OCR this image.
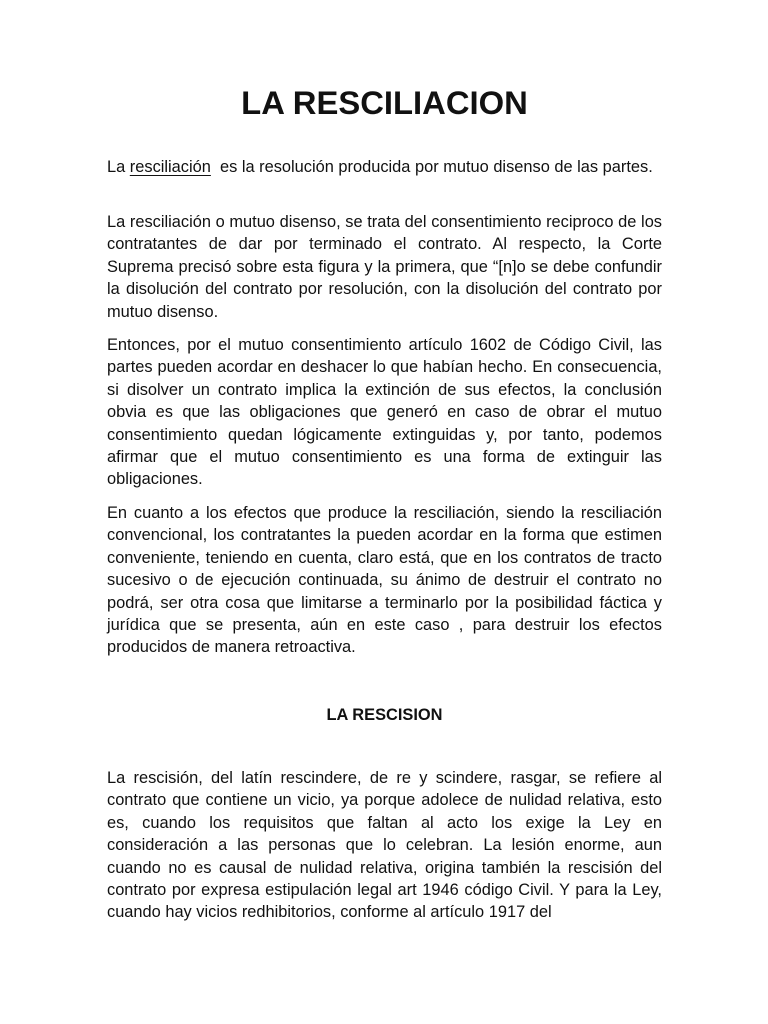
LA RESCILIACION

La resciliación  es la resolución producida por mutuo disenso de las partes.

La resciliación o mutuo disenso, se trata del consentimiento reciproco de los contratantes de dar por terminado el contrato. Al respecto, la Corte Suprema precisó sobre esta figura y la primera, que “[n]o se debe confundir la disolución del contrato por resolución, con la disolución del contrato por mutuo disenso.

Entonces, por el mutuo consentimiento artículo 1602 de Código Civil, las partes pueden acordar en deshacer lo que habían hecho. En consecuencia, si disolver un contrato implica la extinción de sus efectos, la conclusión obvia es que las obligaciones que generó en caso de obrar el mutuo consentimiento quedan lógicamente extinguidas y, por tanto, podemos afirmar que el mutuo consentimiento es una forma de extinguir las obligaciones.

En cuanto a los efectos que produce la resciliación, siendo la resciliación convencional, los contratantes la pueden acordar en la forma que estimen conveniente, teniendo en cuenta, claro está, que en los contratos de tracto sucesivo o de ejecución continuada, su ánimo de destruir el contrato no podrá, ser otra cosa que limitarse a terminarlo por la posibilidad fáctica y jurídica que se presenta, aún en este caso , para destruir los efectos producidos de manera retroactiva.

LA RESCISION

La rescisión, del latín rescindere, de re y scindere, rasgar, se refiere al contrato que contiene un vicio, ya porque adolece de nulidad relativa, esto es, cuando los requisitos que faltan al acto los exige la Ley en consideración a las personas que lo celebran. La lesión enorme, aun cuando no es causal de nulidad relativa, origina también la rescisión del contrato por expresa estipulación legal art 1946 código Civil. Y para la Ley, cuando hay vicios redhibitorios, conforme al artículo 1917 del
